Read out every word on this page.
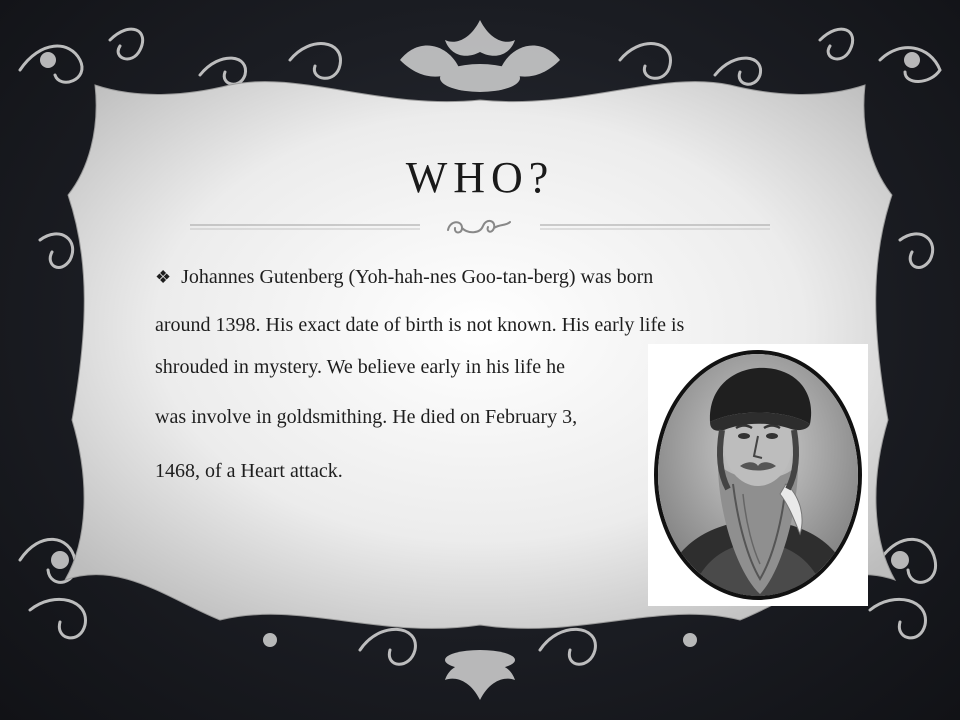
WHO?
❖ Johannes Gutenberg (Yoh-hah-nes Goo-tan-berg) was born
around 1398. His exact date of birth is not known. His early life is
shrouded in mystery. We believe early in his life he
was involve in goldsmithing. He died on February 3,
1468, of a Heart attack.
